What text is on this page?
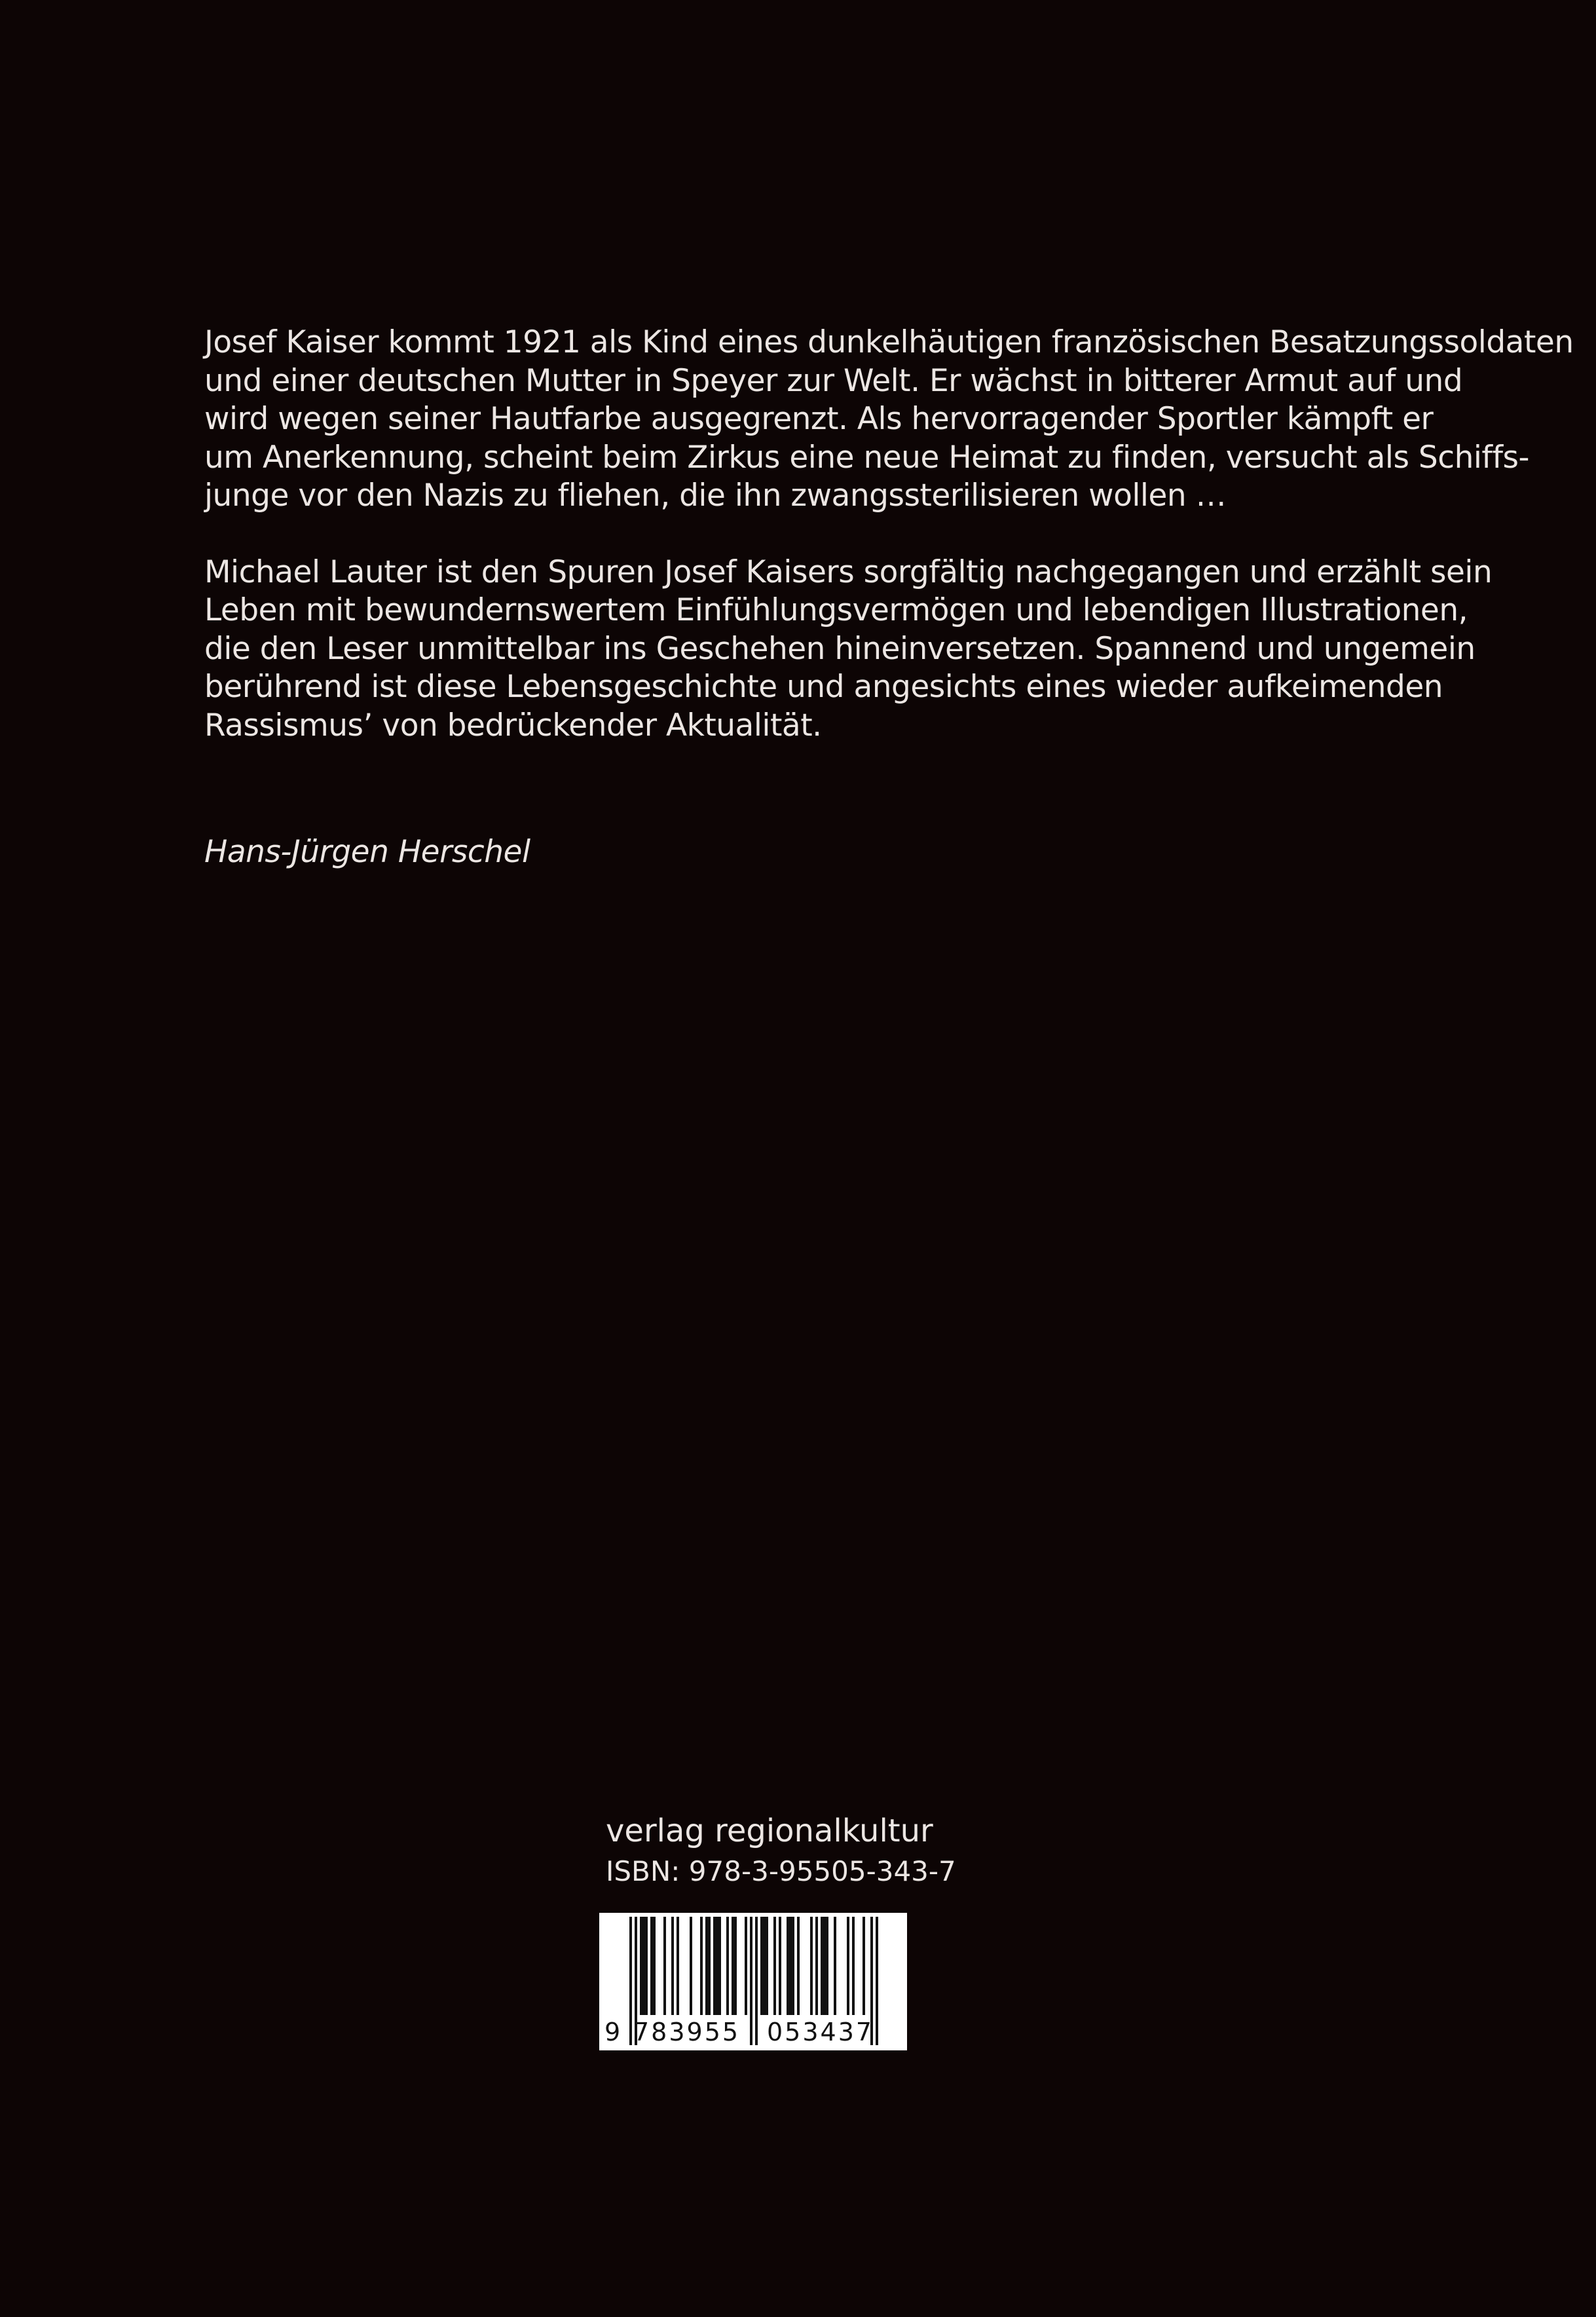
Josef Kaiser kommt 1921 als Kind eines dunkelhäutigen französischen Besatzungssoldaten
und einer deutschen Mutter in Speyer zur Welt. Er wächst in bitterer Armut auf und
wird wegen seiner Hautfarbe ausgegrenzt. Als hervorragender Sportler kämpft er
um Anerkennung, scheint beim Zirkus eine neue Heimat zu finden, versucht als Schiffs-
junge vor den Nazis zu fliehen, die ihn zwangssterilisieren wollen …

Michael Lauter ist den Spuren Josef Kaisers sorgfältig nachgegangen und erzählt sein
Leben mit bewundernswertem Einfühlungsvermögen und lebendigen Illustrationen,
die den Leser unmittelbar ins Geschehen hineinversetzen. Spannend und ungemein
berührend ist diese Lebensgeschichte und angesichts eines wieder aufkeimenden
Rassismus’ von bedrückender Aktualität.

Hans-Jürgen Herschel
verlag regionalkultur
ISBN: 978-3-95505-343-7
9 783955 053437
